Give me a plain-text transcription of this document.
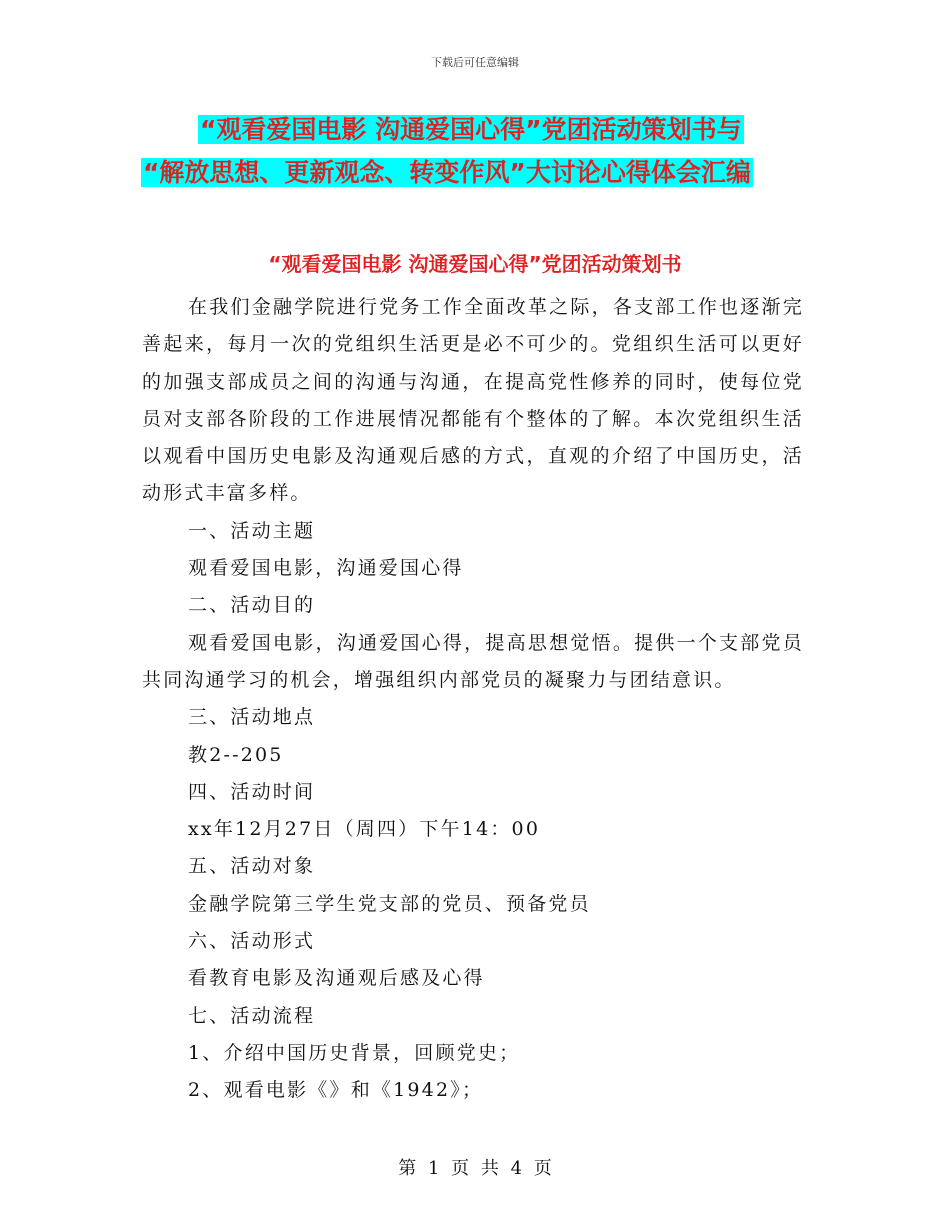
下载后可任意编辑
“观看爱国电影 沟通爱国心得”党团活动策划书与
“解放思想、更新观念、转变作风”大讨论心得体会汇编
“观看爱国电影 沟通爱国心得”党团活动策划书

在我们金融学院进行党务工作全面改革之际，各支部工作也逐渐完善起来，每月一次的党组织生活更是必不可少的。党组织生活可以更好的加强支部成员之间的沟通与沟通，在提高党性修养的同时，使每位党员对支部各阶段的工作进展情况都能有个整体的了解。本次党组织生活以观看中国历史电影及沟通观后感的方式，直观的介绍了中国历史，活动形式丰富多样。

一、活动主题

观看爱国电影，沟通爱国心得

二、活动目的

观看爱国电影，沟通爱国心得，提高思想觉悟。提供一个支部党员共同沟通学习的机会，增强组织内部党员的凝聚力与团结意识。

三、活动地点

教2--205

四、活动时间

xx年12月27日（周四）下午14：00

五、活动对象

金融学院第三学生党支部的党员、预备党员

六、活动形式

看教育电影及沟通观后感及心得

七、活动流程

1、介绍中国历史背景，回顾党史；

2、观看电影《》和《1942》；

第 1 页 共 4 页
